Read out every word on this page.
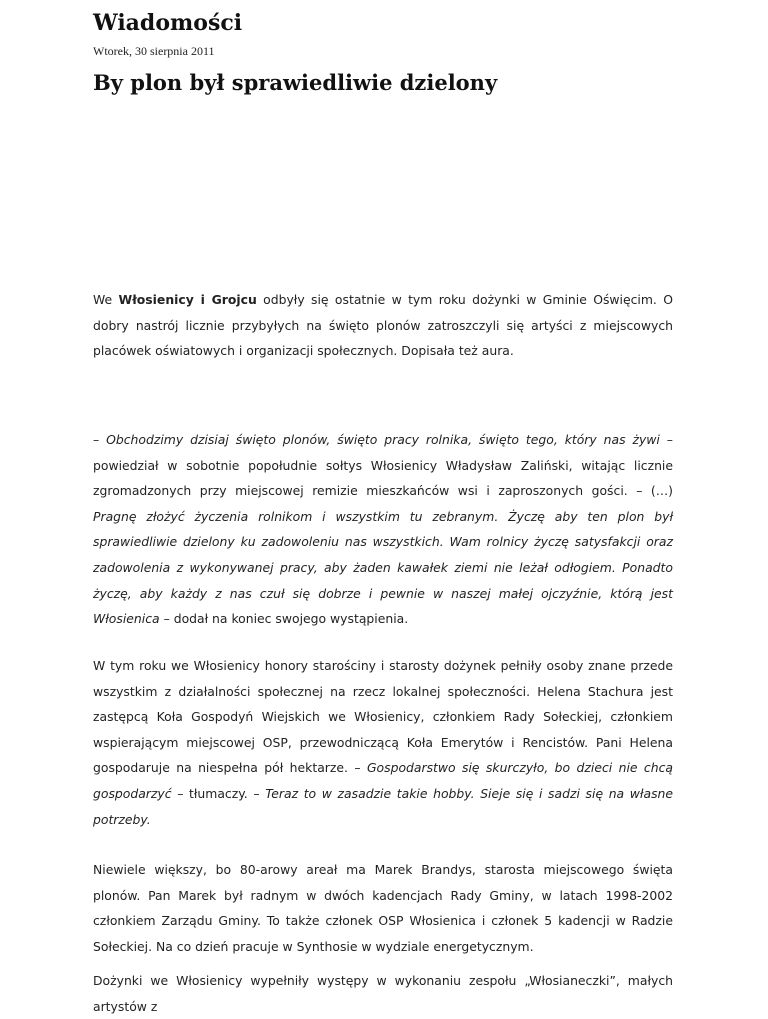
Wiadomości

Wtorek, 30 sierpnia 2011

By plon był sprawiedliwie dzielony

We Włosienicy i Grojcu odbyły się ostatnie w tym roku dożynki w Gminie Oświęcim. O dobry nastrój licznie przybyłych na święto plonów zatroszczyli się artyści z miejscowych placówek oświatowych i organizacji społecznych. Dopisała też aura.

– Obchodzimy dzisiaj święto plonów, święto pracy rolnika, święto tego, który nas żywi – powiedział w sobotnie popołudnie sołtys Włosienicy Władysław Zaliński, witając licznie zgromadzonych przy miejscowej remizie mieszkańców wsi i zaproszonych gości. – (…) Pragnę złożyć życzenia rolnikom i wszystkim tu zebranym. Życzę aby ten plon był sprawiedliwie dzielony ku zadowoleniu nas wszystkich. Wam rolnicy życzę satysfakcji oraz zadowolenia z wykonywanej pracy, aby żaden kawałek ziemi nie leżał odłogiem. Ponadto życzę, aby każdy z nas czuł się dobrze i pewnie w naszej małej ojczyźnie, którą jest Włosienica – dodał na koniec swojego wystąpienia.

W tym roku we Włosienicy honory starościny i starosty dożynek pełniły osoby znane przede wszystkim z działalności społecznej na rzecz lokalnej społeczności. Helena Stachura jest zastępcą Koła Gospodyń Wiejskich we Włosienicy, członkiem Rady Sołeckiej, członkiem wspierającym miejscowej OSP, przewodniczącą Koła Emerytów i Rencistów. Pani Helena gospodaruje na niespełna pół hektarze. – Gospodarstwo się skurczyło, bo dzieci nie chcą gospodarzyć – tłumaczy. – Teraz to w zasadzie takie hobby. Sieje się i sadzi się na własne potrzeby.

Niewiele większy, bo 80-arowy areał ma Marek Brandys, starosta miejscowego święta plonów. Pan Marek był radnym w dwóch kadencjach Rady Gminy, w latach 1998-2002 członkiem Zarządu Gminy. To także członek OSP Włosienica i członek 5 kadencji w Radzie Sołeckiej. Na co dzień pracuje w Synthosie w wydziale energetycznym.

Dożynki we Włosienicy wypełniły występy w wykonaniu zespołu „Włosianeczki”, małych artystów z
